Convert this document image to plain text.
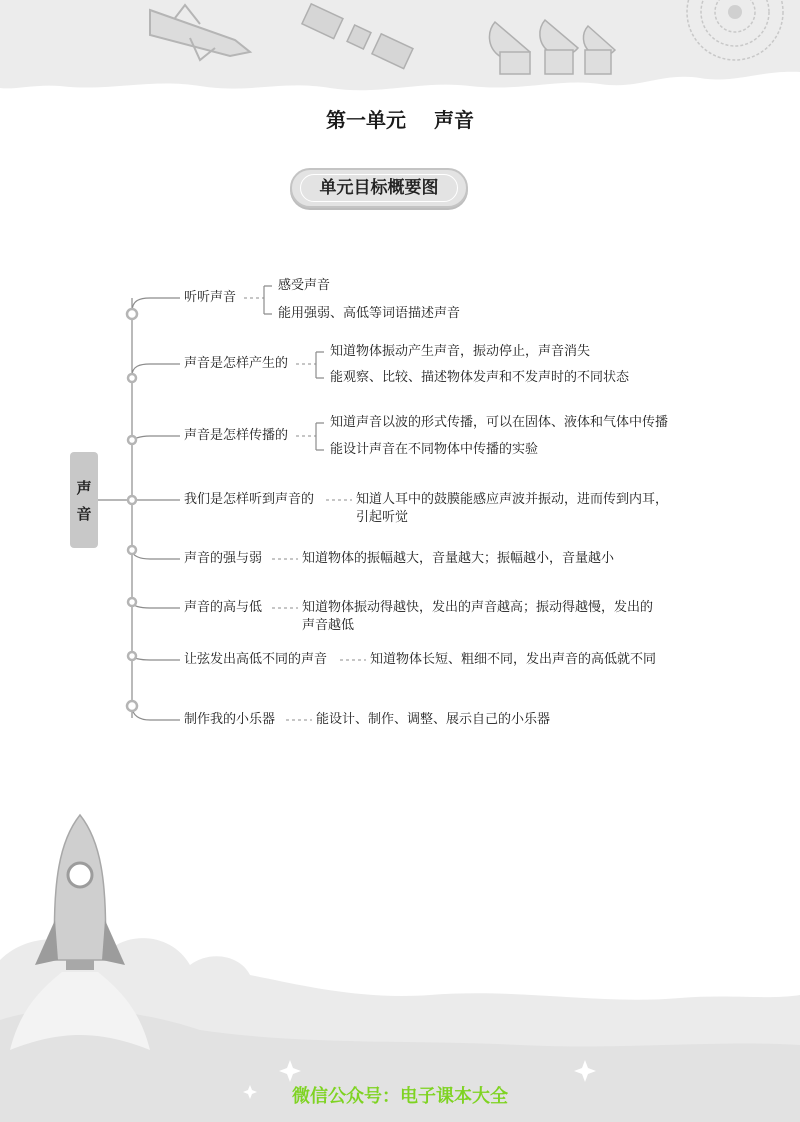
第一单元 声音
单元目标概要图
声
音
听听声音
感受声音
能用强弱、高低等词语描述声音
声音是怎样产生的
知道物体振动产生声音，振动停止，声音消失
能观察、比较、描述物体发声和不发声时的不同状态
声音是怎样传播的
知道声音以波的形式传播，可以在固体、液体和气体中传播
能设计声音在不同物体中传播的实验
我们是怎样听到声音的	知道人耳中的鼓膜能感应声波并振动，进而传到内耳，
引起听觉
声音的强与弱	知道物体的振幅越大，音量越大；振幅越小，音量越小
声音的高与低	知道物体振动得越快，发出的声音越高；振动得越慢，发出的
声音越低
让弦发出高低不同的声音	知道物体长短、粗细不同，发出声音的高低就不同
制作我的小乐器	能设计、制作、调整、展示自己的小乐器
微信公众号：电子课本大全
